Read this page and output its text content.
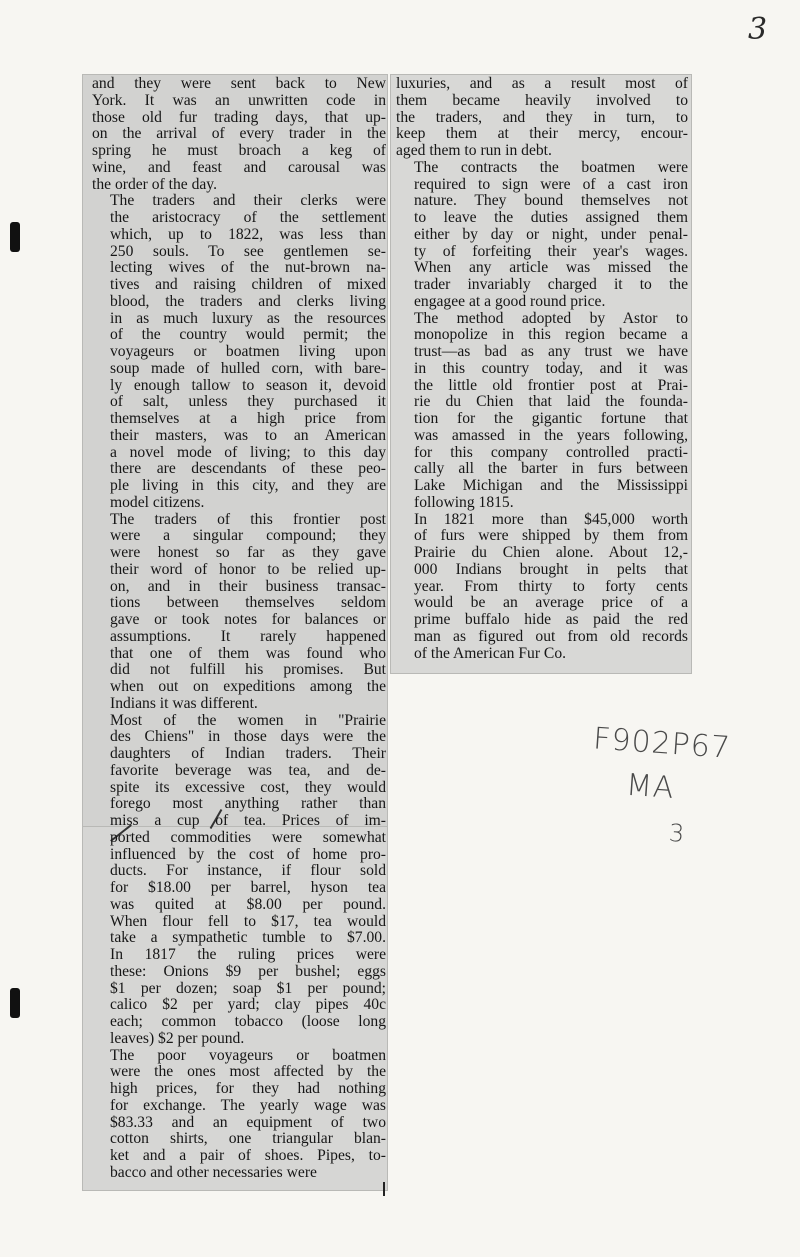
3

and they were sent back to New
York. It was an unwritten code in
those old fur trading days, that up-
on the arrival of every trader in the
spring he must broach a keg of
wine, and feast and carousal was
the order of the day.

The traders and their clerks were
the aristocracy of the settlement
which, up to 1822, was less than
250 souls. To see gentlemen se-
lecting wives of the nut-brown na-
tives and raising children of mixed
blood, the traders and clerks living
in as much luxury as the resources
of the country would permit; the
voyageurs or boatmen living upon
soup made of hulled corn, with bare-
ly enough tallow to season it, devoid
of salt, unless they purchased it
themselves at a high price from
their masters, was to an American
a novel mode of living; to this day
there are descendants of these peo-
ple living in this city, and they are
model citizens.

The traders of this frontier post
were a singular compound; they
were honest so far as they gave
their word of honor to be relied up-
on, and in their business transac-
tions between themselves seldom
gave or took notes for balances or
assumptions. It rarely happened
that one of them was found who
did not fulfill his promises. But
when out on expeditions among the
Indians it was different.

Most of the women in "Prairie
des Chiens" in those days were the
daughters of Indian traders. Their
favorite beverage was tea, and de-
spite its excessive cost, they would
forego most anything rather than
miss a cup of tea. Prices of im-
ported commodities were somewhat
influenced by the cost of home pro-
ducts. For instance, if flour sold
for $18.00 per barrel, hyson tea
was quited at $8.00 per pound.
When flour fell to $17, tea would
take a sympathetic tumble to $7.00.
In 1817 the ruling prices were
these: Onions $9 per bushel; eggs
$1 per dozen; soap $1 per pound;
calico $2 per yard; clay pipes 40c
each; common tobacco (loose long
leaves) $2 per pound.

The poor voyageurs or boatmen
were the ones most affected by the
high prices, for they had nothing
for exchange. The yearly wage was
$83.33 and an equipment of two
cotton shirts, one triangular blan-
ket and a pair of shoes. Pipes, to-
bacco and other necessaries were

luxuries, and as a result most of
them became heavily involved to
the traders, and they in turn, to
keep them at their mercy, encour-
aged them to run in debt.

The contracts the boatmen were
required to sign were of a cast iron
nature. They bound themselves not
to leave the duties assigned them
either by day or night, under penal-
ty of forfeiting their year's wages.
When any article was missed the
trader invariably charged it to the
engagee at a good round price.

The method adopted by Astor to
monopolize in this region became a
trust—as bad as any trust we have
in this country today, and it was
the little old frontier post at Prai-
rie du Chien that laid the founda-
tion for the gigantic fortune that
was amassed in the years following,
for this company controlled practi-
cally all the barter in furs between
Lake Michigan and the Mississippi
following 1815.

In 1821 more than $45,000 worth
of furs were shipped by them from
Prairie du Chien alone. About 12,-
000 Indians brought in pelts that
year. From thirty to forty cents
would be an average price of a
prime buffalo hide as paid the red
man as figured out from old records
of the American Fur Co.

F902P67
MA
3
